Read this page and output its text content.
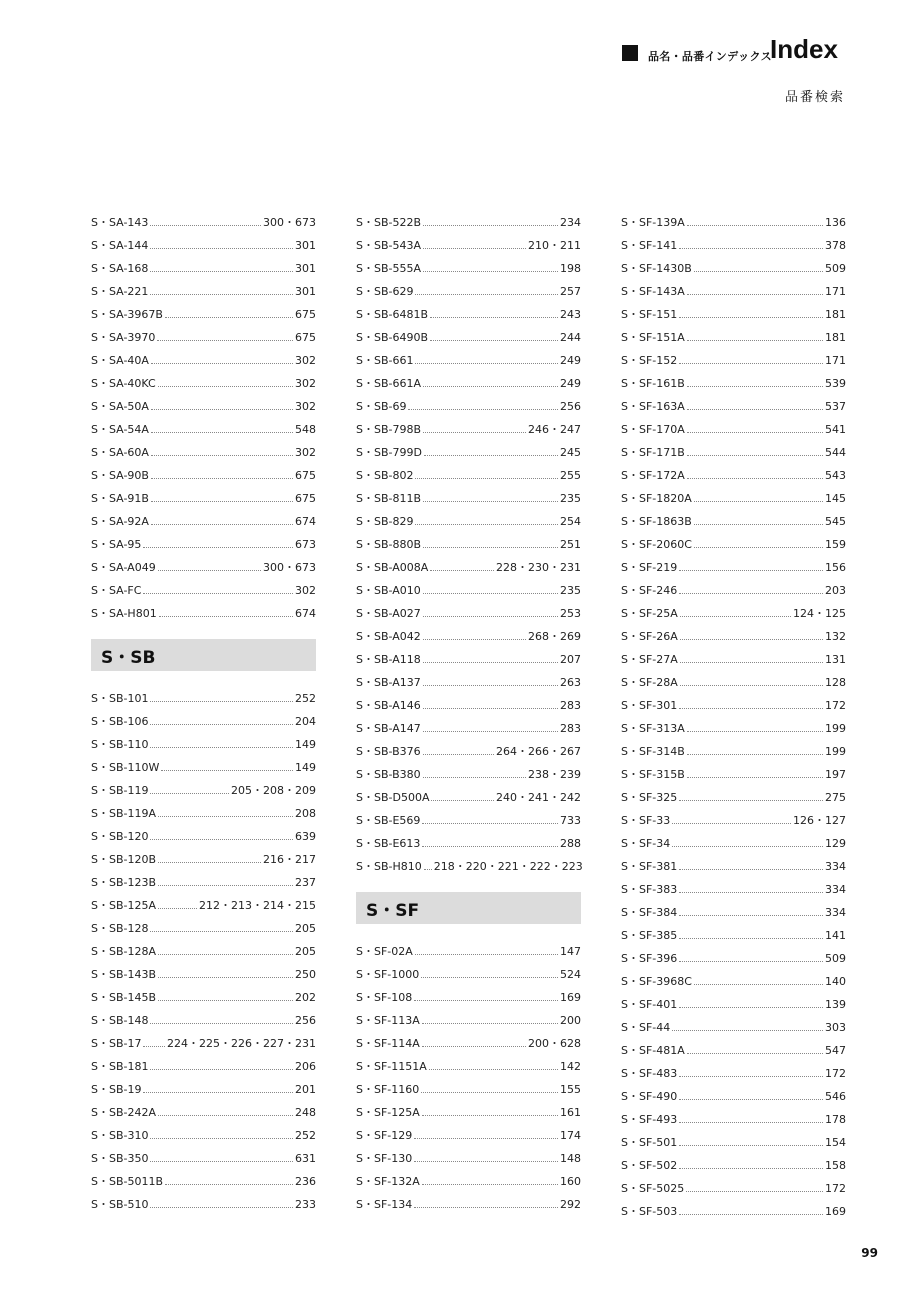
品名・品番インデックス
Index
品番検索
S・SA-143	300・673
S・SA-144	301
S・SA-168	301
S・SA-221	301
S・SA-3967B	675
S・SA-3970	675
S・SA-40A	302
S・SA-40KC	302
S・SA-50A	302
S・SA-54A	548
S・SA-60A	302
S・SA-90B	675
S・SA-91B	675
S・SA-92A	674
S・SA-95	673
S・SA-A049	300・673
S・SA-FC	302
S・SA-H801	674
S・SB
S・SB-101	252
S・SB-106	204
S・SB-110	149
S・SB-110W	149
S・SB-119	205・208・209
S・SB-119A	208
S・SB-120	639
S・SB-120B	216・217
S・SB-123B	237
S・SB-125A	212・213・214・215
S・SB-128	205
S・SB-128A	205
S・SB-143B	250
S・SB-145B	202
S・SB-148	256
S・SB-17 224・225・226・227・231
S・SB-181	206
S・SB-19	201
S・SB-242A	248
S・SB-310	252
S・SB-350	631
S・SB-5011B	236
S・SB-510	233
S・SB-522B	234
S・SB-543A	210・211
S・SB-555A	198
S・SB-629	257
S・SB-6481B	243
S・SB-6490B	244
S・SB-661	249
S・SB-661A	249
S・SB-69	256
S・SB-798B	246・247
S・SB-799D	245
S・SB-802	255
S・SB-811B	235
S・SB-829	254
S・SB-880B	251
S・SB-A008A	228・230・231
S・SB-A010	235
S・SB-A027	253
S・SB-A042	268・269
S・SB-A118	207
S・SB-A137	263
S・SB-A146	283
S・SB-A147	283
S・SB-B376	264・266・267
S・SB-B380	238・239
S・SB-D500A	240・241・242
S・SB-E569	733
S・SB-E613	288
S・SB-H810 218・220・221・222・223
S・SF
S・SF-02A	147
S・SF-1000	524
S・SF-108	169
S・SF-113A	200
S・SF-114A	200・628
S・SF-1151A	142
S・SF-1160	155
S・SF-125A	161
S・SF-129	174
S・SF-130	148
S・SF-132A	160
S・SF-134	292
S・SF-139A	136
S・SF-141	378
S・SF-1430B	509
S・SF-143A	171
S・SF-151	181
S・SF-151A	181
S・SF-152	171
S・SF-161B	539
S・SF-163A	537
S・SF-170A	541
S・SF-171B	544
S・SF-172A	543
S・SF-1820A	145
S・SF-1863B	545
S・SF-2060C	159
S・SF-219	156
S・SF-246	203
S・SF-25A	124・125
S・SF-26A	132
S・SF-27A	131
S・SF-28A	128
S・SF-301	172
S・SF-313A	199
S・SF-314B	199
S・SF-315B	197
S・SF-325	275
S・SF-33	126・127
S・SF-34	129
S・SF-381	334
S・SF-383	334
S・SF-384	334
S・SF-385	141
S・SF-396	509
S・SF-3968C	140
S・SF-401	139
S・SF-44	303
S・SF-481A	547
S・SF-483	172
S・SF-490	546
S・SF-493	178
S・SF-501	154
S・SF-502	158
S・SF-5025	172
S・SF-503	169
99
